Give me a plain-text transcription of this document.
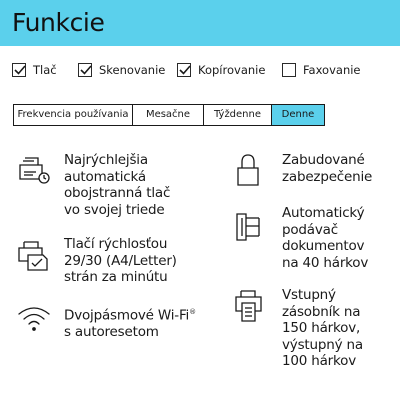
Funkcie
Tlač	Skenovanie	Kopírovanie	Faxovanie
Frekvencia používania	Mesačne	Týždenne	Denne
Najrýchlejšia
automatická
obojstranná tlač
vo svojej triede
Tlačí rýchlosťou
29/30 (A4/Letter)
strán za minútu
Dvojpásmové Wi-Fi®
s autoresetom
Zabudované
zabezpečenie
Automatický
podávač
dokumentov
na 40 hárkov
Vstupný
zásobník na
150 hárkov,
výstupný na
100 hárkov
